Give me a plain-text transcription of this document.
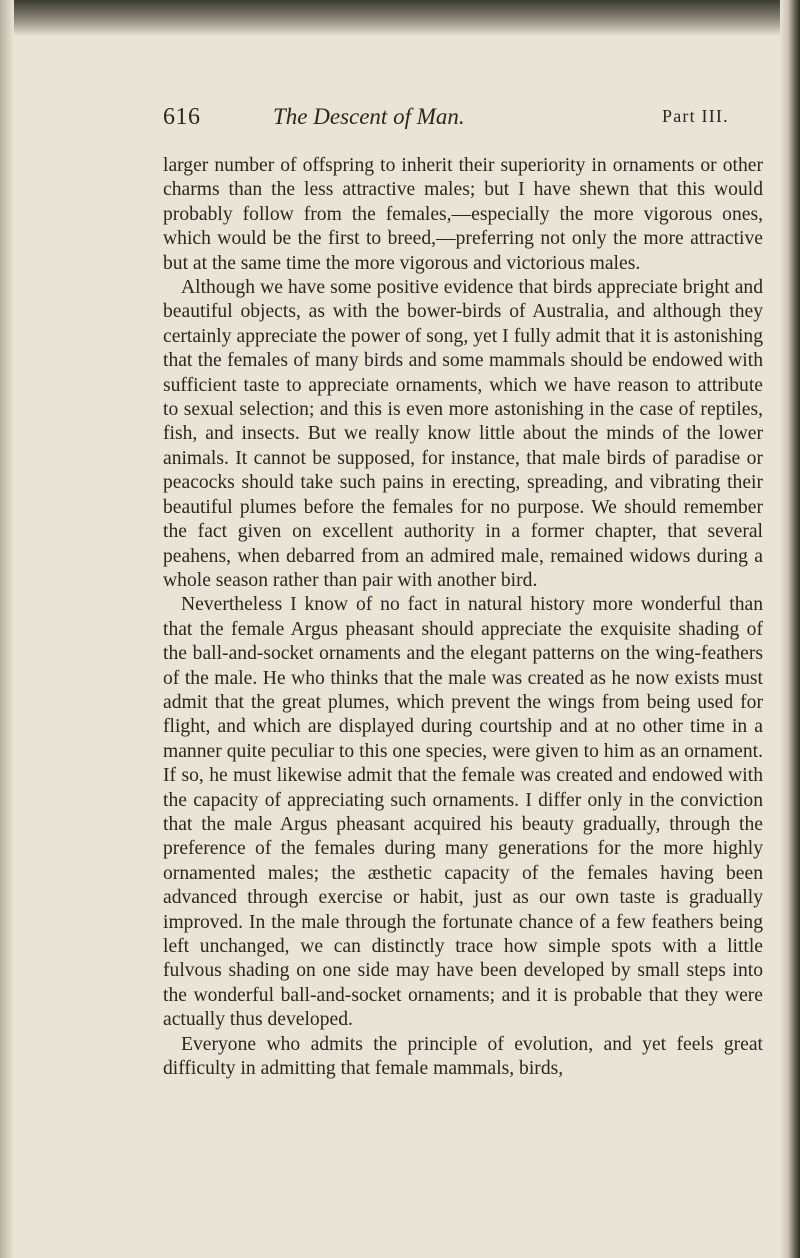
616	The Descent of Man.	Part III.

larger number of offspring to inherit their superiority in ornaments or other charms than the less attractive males; but I have shewn that this would probably follow from the females,—especially the more vigorous ones, which would be the first to breed,—preferring not only the more attractive but at the same time the more vigorous and victorious males.

Although we have some positive evidence that birds appreciate bright and beautiful objects, as with the bower-birds of Australia, and although they certainly appreciate the power of song, yet I fully admit that it is astonishing that the females of many birds and some mammals should be endowed with sufficient taste to appreciate ornaments, which we have reason to attribute to sexual selection; and this is even more astonishing in the case of reptiles, fish, and insects. But we really know little about the minds of the lower animals. It cannot be supposed, for instance, that male birds of paradise or peacocks should take such pains in erecting, spreading, and vibrating their beautiful plumes before the females for no purpose. We should remember the fact given on excellent authority in a former chapter, that several peahens, when debarred from an admired male, remained widows during a whole season rather than pair with another bird.

Nevertheless I know of no fact in natural history more wonderful than that the female Argus pheasant should appreciate the exquisite shading of the ball-and-socket ornaments and the elegant patterns on the wing-feathers of the male. He who thinks that the male was created as he now exists must admit that the great plumes, which prevent the wings from being used for flight, and which are displayed during courtship and at no other time in a manner quite peculiar to this one species, were given to him as an ornament. If so, he must likewise admit that the female was created and endowed with the capacity of appreciating such ornaments. I differ only in the conviction that the male Argus pheasant acquired his beauty gradually, through the preference of the females during many generations for the more highly ornamented males; the æsthetic capacity of the females having been advanced through exercise or habit, just as our own taste is gradually improved. In the male through the fortunate chance of a few feathers being left unchanged, we can distinctly trace how simple spots with a little fulvous shading on one side may have been developed by small steps into the wonderful ball-and-socket ornaments; and it is probable that they were actually thus developed.

Everyone who admits the principle of evolution, and yet feels great difficulty in admitting that female mammals, birds,
